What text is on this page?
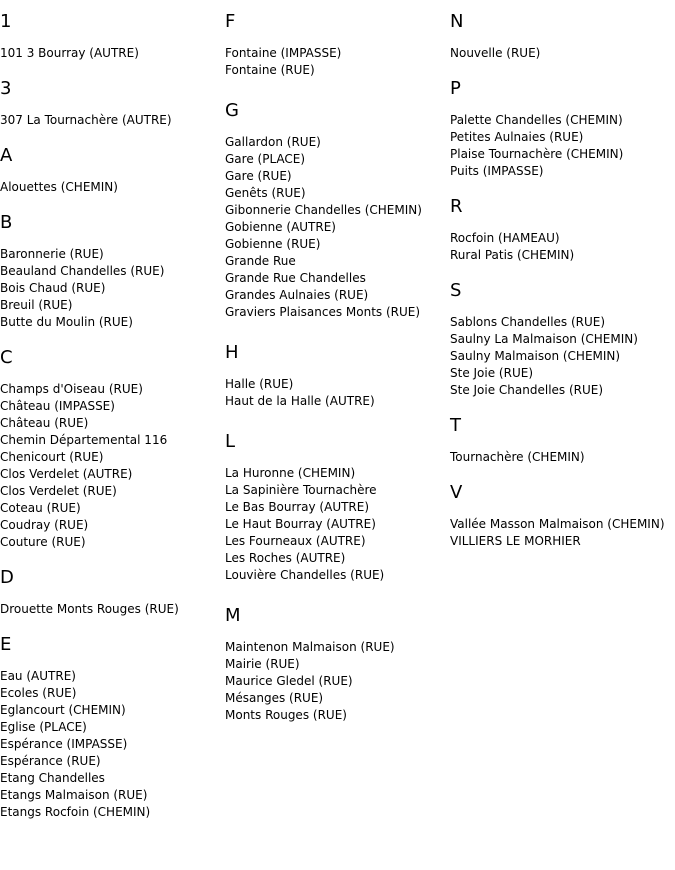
1
101 3 Bourray (AUTRE)
3
307 La Tournachère (AUTRE)
A
Alouettes (CHEMIN)
B
Baronnerie (RUE)
Beauland Chandelles (RUE)
Bois Chaud (RUE)
Breuil (RUE)
Butte du Moulin (RUE)
C
Champs d'Oiseau (RUE)
Château (IMPASSE)
Château (RUE)
Chemin Départemental 116
Chenicourt (RUE)
Clos Verdelet (AUTRE)
Clos Verdelet (RUE)
Coteau (RUE)
Coudray (RUE)
Couture (RUE)
D
Drouette Monts Rouges (RUE)
E
Eau (AUTRE)
Ecoles (RUE)
Eglancourt (CHEMIN)
Eglise (PLACE)
Espérance (IMPASSE)
Espérance (RUE)
Etang Chandelles
Etangs Malmaison (RUE)
Etangs Rocfoin (CHEMIN)
F
Fontaine (IMPASSE)
Fontaine (RUE)
G
Gallardon (RUE)
Gare (PLACE)
Gare (RUE)
Genêts (RUE)
Gibonnerie Chandelles (CHEMIN)
Gobienne (AUTRE)
Gobienne (RUE)
Grande Rue
Grande Rue Chandelles
Grandes Aulnaies (RUE)
Graviers Plaisances Monts (RUE)
H
Halle (RUE)
Haut de la Halle (AUTRE)
L
La Huronne (CHEMIN)
La Sapinière Tournachère
Le Bas Bourray (AUTRE)
Le Haut Bourray (AUTRE)
Les Fourneaux (AUTRE)
Les Roches (AUTRE)
Louvière Chandelles (RUE)
M
Maintenon Malmaison (RUE)
Mairie (RUE)
Maurice Gledel (RUE)
Mésanges (RUE)
Monts Rouges (RUE)
N
Nouvelle (RUE)
P
Palette Chandelles (CHEMIN)
Petites Aulnaies (RUE)
Plaise Tournachère (CHEMIN)
Puits (IMPASSE)
R
Rocfoin (HAMEAU)
Rural Patis (CHEMIN)
S
Sablons Chandelles (RUE)
Saulny La Malmaison (CHEMIN)
Saulny Malmaison (CHEMIN)
Ste Joie (RUE)
Ste Joie Chandelles (RUE)
T
Tournachère (CHEMIN)
V
Vallée Masson Malmaison (CHEMIN)
VILLIERS LE MORHIER
